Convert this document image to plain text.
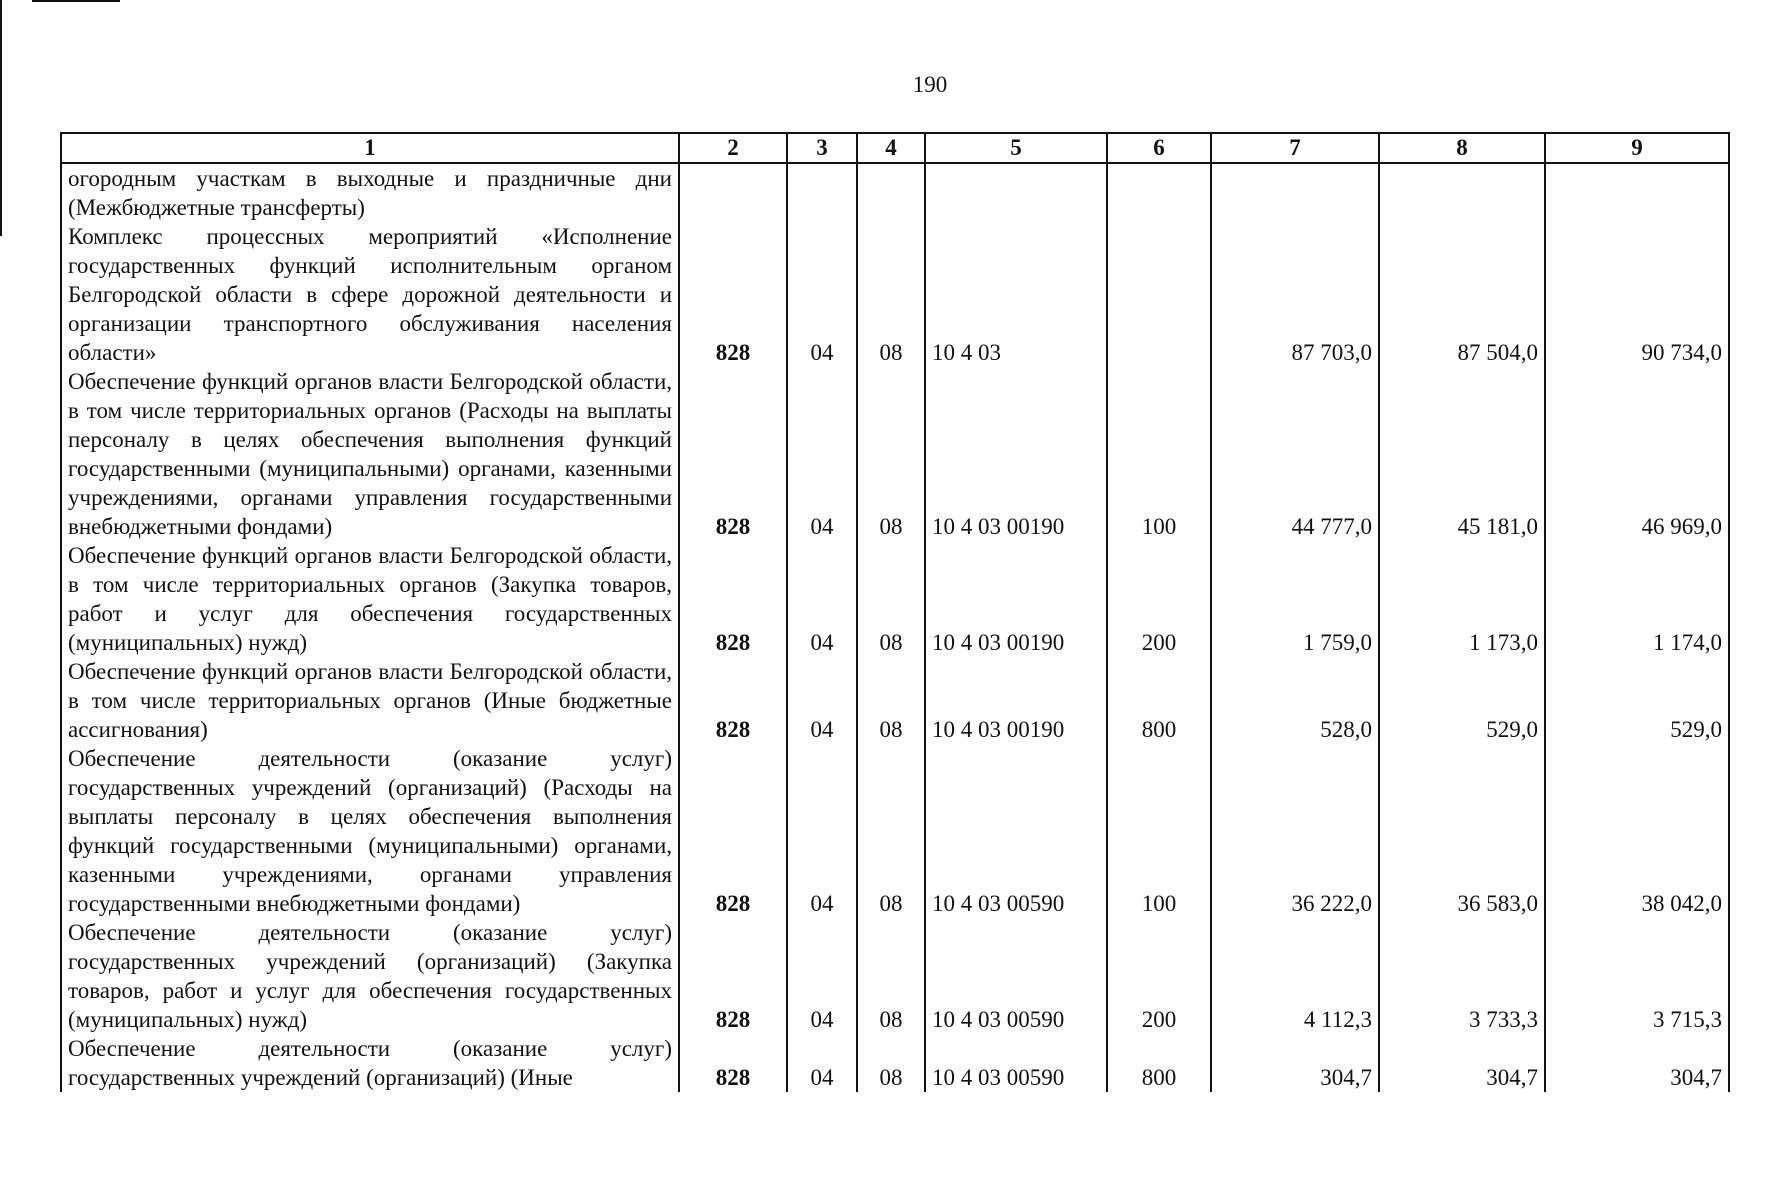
190
1	2	3	4	5	6	7	8	9
огородным участкам в выходные и праздничные дни (Межбюджетные трансферты)								
Комплекс процессных мероприятий «Исполнение государственных функций исполнительным органом Белгородской области в сфере дорожной деятельности и организации транспортного обслуживания населения области»	828	04	08	10 4 03		87 703,0	87 504,0	90 734,0
Обеспечение функций органов власти Белгородской области, в том числе территориальных органов (Расходы на выплаты персоналу в целях обеспечения выполнения функций государственными (муниципальными) органами, казенными учреждениями, органами управления государственными внебюджетными фондами)	828	04	08	10 4 03 00190	100	44 777,0	45 181,0	46 969,0
Обеспечение функций органов власти Белгородской области, в том числе территориальных органов (Закупка товаров, работ и услуг для обеспечения государственных (муниципальных) нужд)	828	04	08	10 4 03 00190	200	1 759,0	1 173,0	1 174,0
Обеспечение функций органов власти Белгородской области, в том числе территориальных органов (Иные бюджетные ассигнования)	828	04	08	10 4 03 00190	800	528,0	529,0	529,0
Обеспечение деятельности (оказание услуг) государственных учреждений (организаций) (Расходы на выплаты персоналу в целях обеспечения выполнения функций государственными (муниципальными) органами, казенными учреждениями, органами управления государственными внебюджетными фондами)	828	04	08	10 4 03 00590	100	36 222,0	36 583,0	38 042,0
Обеспечение деятельности (оказание услуг) государственных учреждений (организаций) (Закупка товаров, работ и услуг для обеспечения государственных (муниципальных) нужд)	828	04	08	10 4 03 00590	200	4 112,3	3 733,3	3 715,3
Обеспечение деятельности (оказание услуг) государственных учреждений (организаций) (Иные	828	04	08	10 4 03 00590	800	304,7	304,7	304,7
